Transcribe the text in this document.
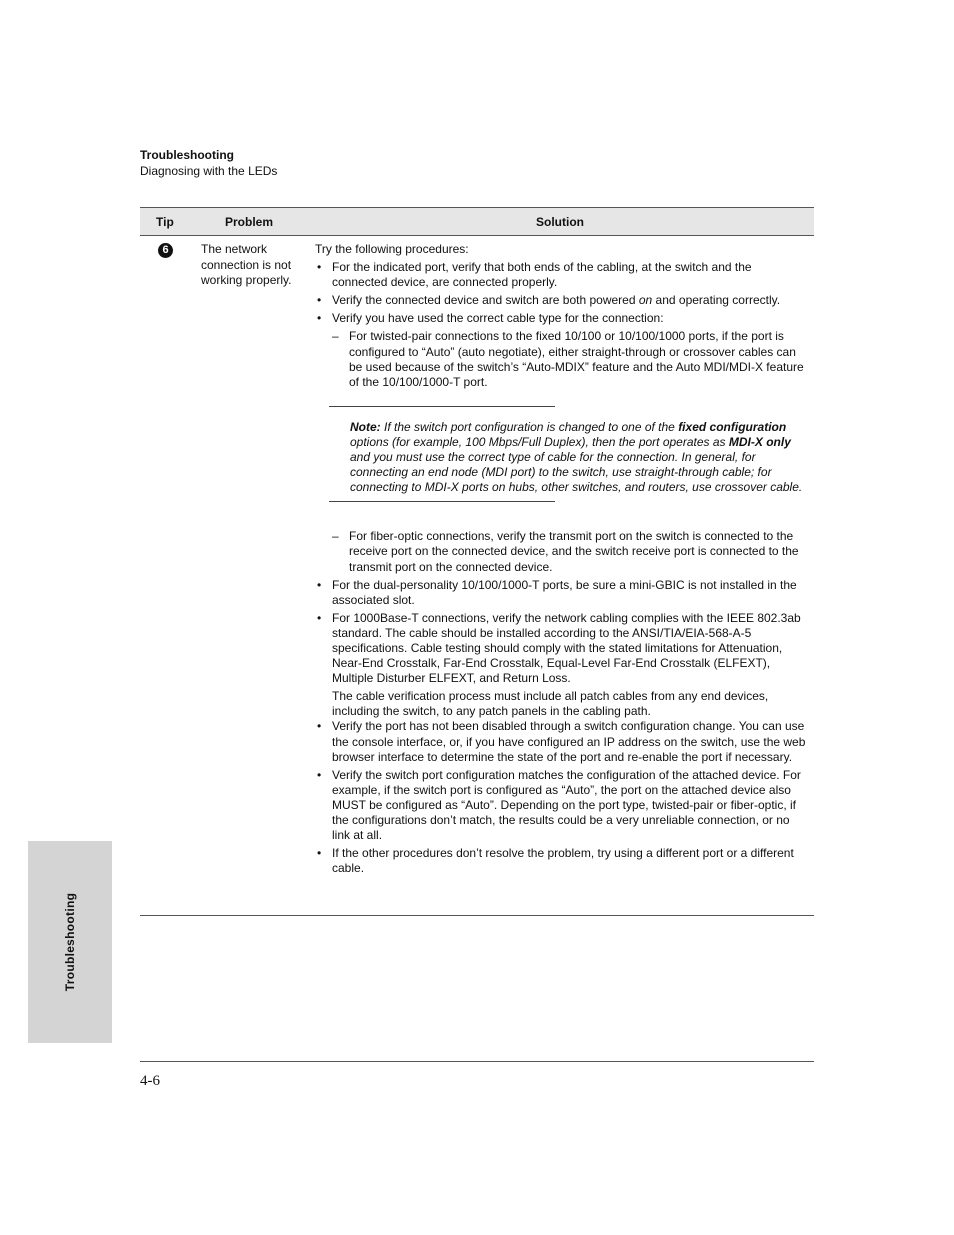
Troubleshooting
Diagnosing with the LEDs
Troubleshooting
Tip	Problem	Solution
6	The network connection is not working properly.

Try the following procedures:

• For the indicated port, verify that both ends of the cabling, at the switch and the connected device, are connected properly.
• Verify the connected device and switch are both powered on and operating correctly.
• Verify you have used the correct cable type for the connection:
– For twisted-pair connections to the fixed 10/100 or 10/100/1000 ports, if the port is configured to “Auto” (auto negotiate), either straight-through or crossover cables can be used because of the switch’s “Auto-MDIX” feature and the Auto MDI/MDI-X feature of the 10/100/1000-T port.
Note: If the switch port configuration is changed to one of the fixed configuration options (for example, 100 Mbps/Full Duplex), then the port operates as MDI-X only and you must use the correct type of cable for the connection. In general, for connecting an end node (MDI port) to the switch, use straight-through cable; for connecting to MDI-X ports on hubs, other switches, and routers, use crossover cable.
– For fiber-optic connections, verify the transmit port on the switch is connected to the receive port on the connected device, and the switch receive port is connected to the transmit port on the connected device.
• For the dual-personality 10/100/1000-T ports, be sure a mini-GBIC is not installed in the associated slot.
• For 1000Base-T connections, verify the network cabling complies with the IEEE 802.3ab standard. The cable should be installed according to the ANSI/TIA/EIA-568-A-5 specifications. Cable testing should comply with the stated limitations for Attenuation, Near-End Crosstalk, Far-End Crosstalk, Equal-Level Far-End Crosstalk (ELFEXT), Multiple Disturber ELFEXT, and Return Loss.

The cable verification process must include all patch cables from any end devices, including the switch, to any patch panels in the cabling path.

• Verify the port has not been disabled through a switch configuration change. You can use the console interface, or, if you have configured an IP address on the switch, use the web browser interface to determine the state of the port and re-enable the port if necessary.
• Verify the switch port configuration matches the configuration of the attached device. For example, if the switch port is configured as “Auto”, the port on the attached device also MUST be configured as “Auto”. Depending on the port type, twisted-pair or fiber-optic, if the configurations don’t match, the results could be a very unreliable connection, or no link at all.
• If the other procedures don’t resolve the problem, try using a different port or a different cable.
4-6
